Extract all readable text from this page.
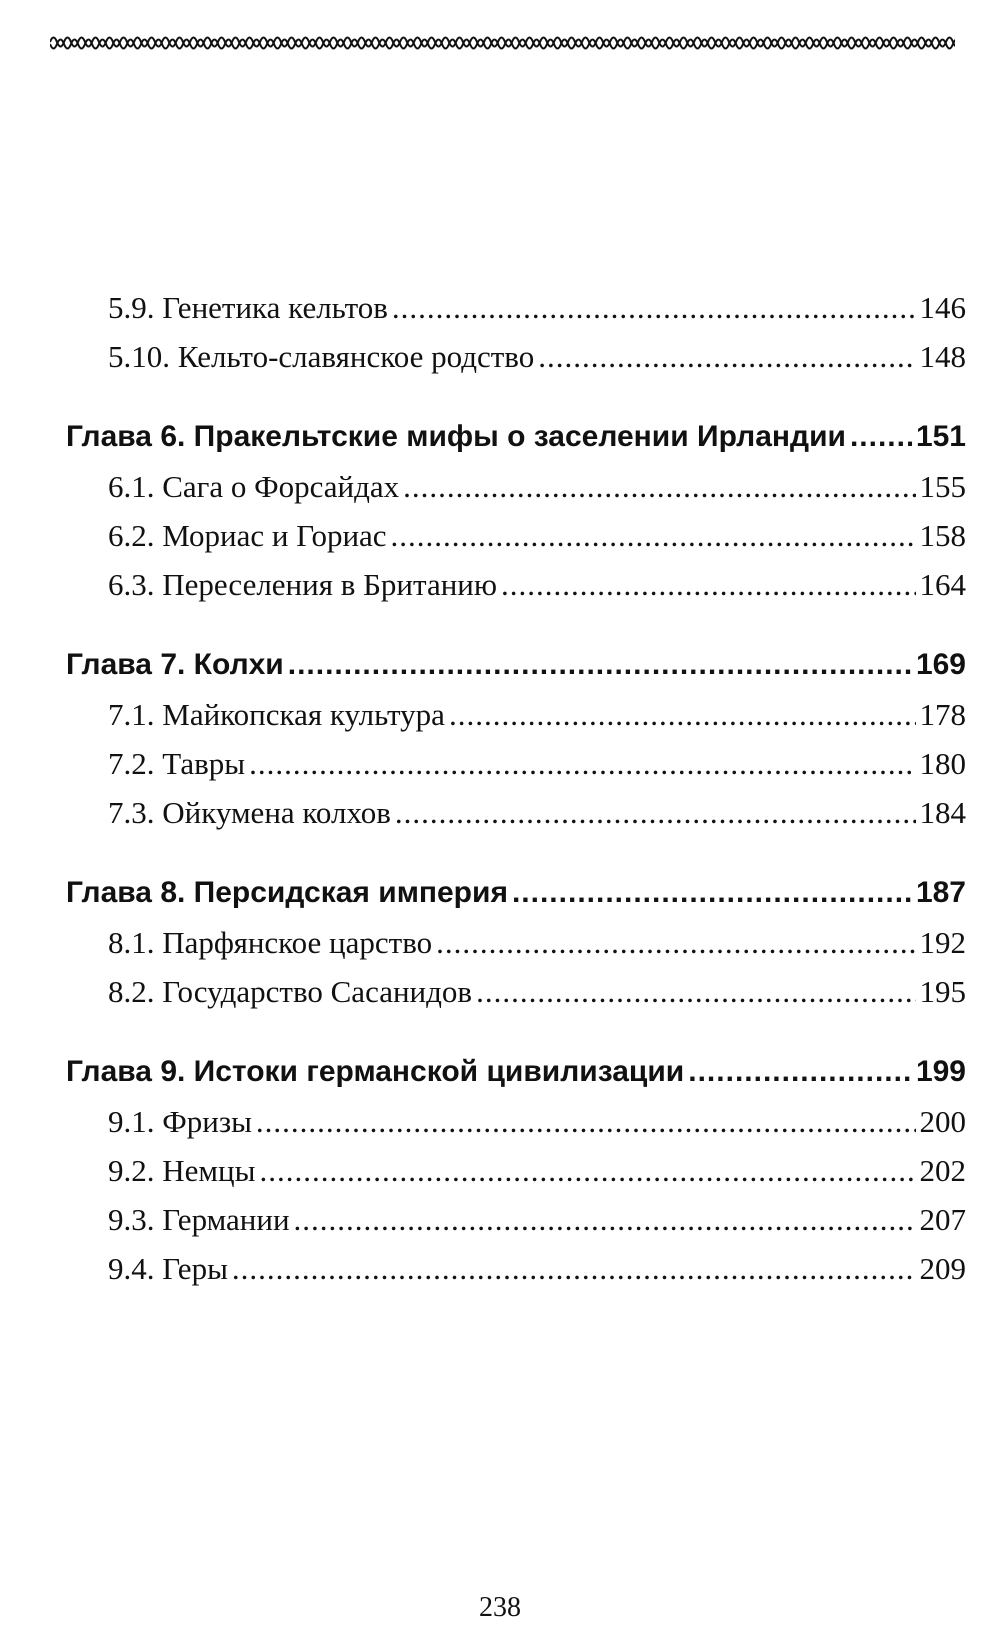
5.9. Генетика кельтов .....	146
5.10. Кельто-славянское родство .....	148
Глава 6. Пракельтские мифы о заселении Ирландии ..... 151
6.1. Сага о Форсайдах .....	155
6.2. Мориас и Гориас .....	158
6.3. Переселения в Британию .....	164
Глава 7. Колхи .....	169
7.1. Майкопская культура .....	178
7.2. Тавры .....	180
7.3. Ойкумена колхов .....	184
Глава 8. Персидская империя .....	187
8.1. Парфянское царство .....	192
8.2. Государство Сасанидов .....	195
Глава 9. Истоки германской цивилизации .....	199
9.1. Фризы .....	200
9.2. Немцы .....	202
9.3. Германии .....	207
9.4. Геры .....	209
238
